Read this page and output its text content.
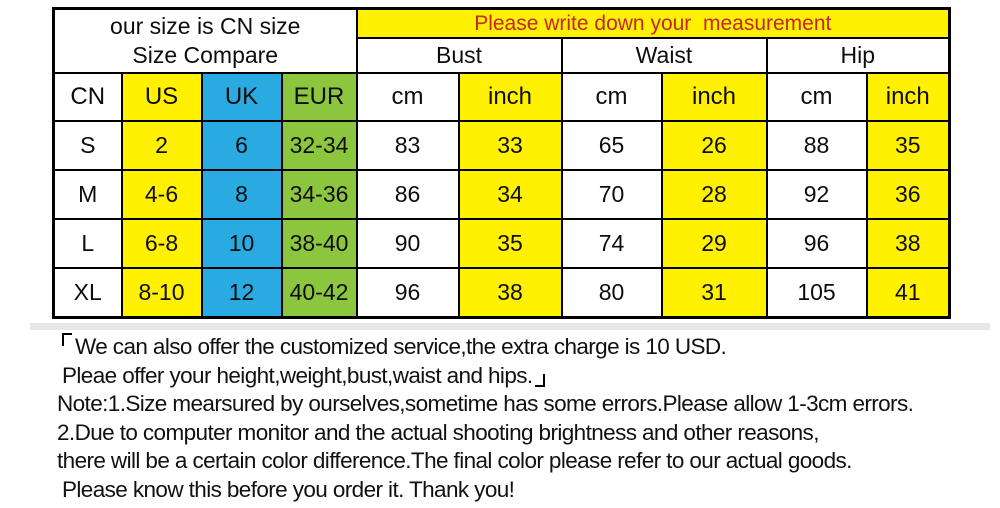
our size is CN size
Size Compare				Please write down your  measurement					
				Bust		Waist		Hip	
CN	US	UK	EUR	cm	inch	cm	inch	cm	inch
S	2	6	32-34	83	33	65	26	88	35
M	4-6	8	34-36	86	34	70	28	92	36
L	6-8	10	38-40	90	35	74	29	96	38
XL	8-10	12	40-42	96	38	80	31	105	41
We can also offer the customized service,the extra charge is 10 USD.
Pleae offer your height,weight,bust,waist and hips.
Note:1.Size mearsured by ourselves,sometime has some errors.Please allow 1-3cm errors.
2.Due to computer monitor and the actual shooting brightness and other reasons,
there will be a certain color difference.The final color please refer to our actual goods.
Please know this before you order it. Thank you!
